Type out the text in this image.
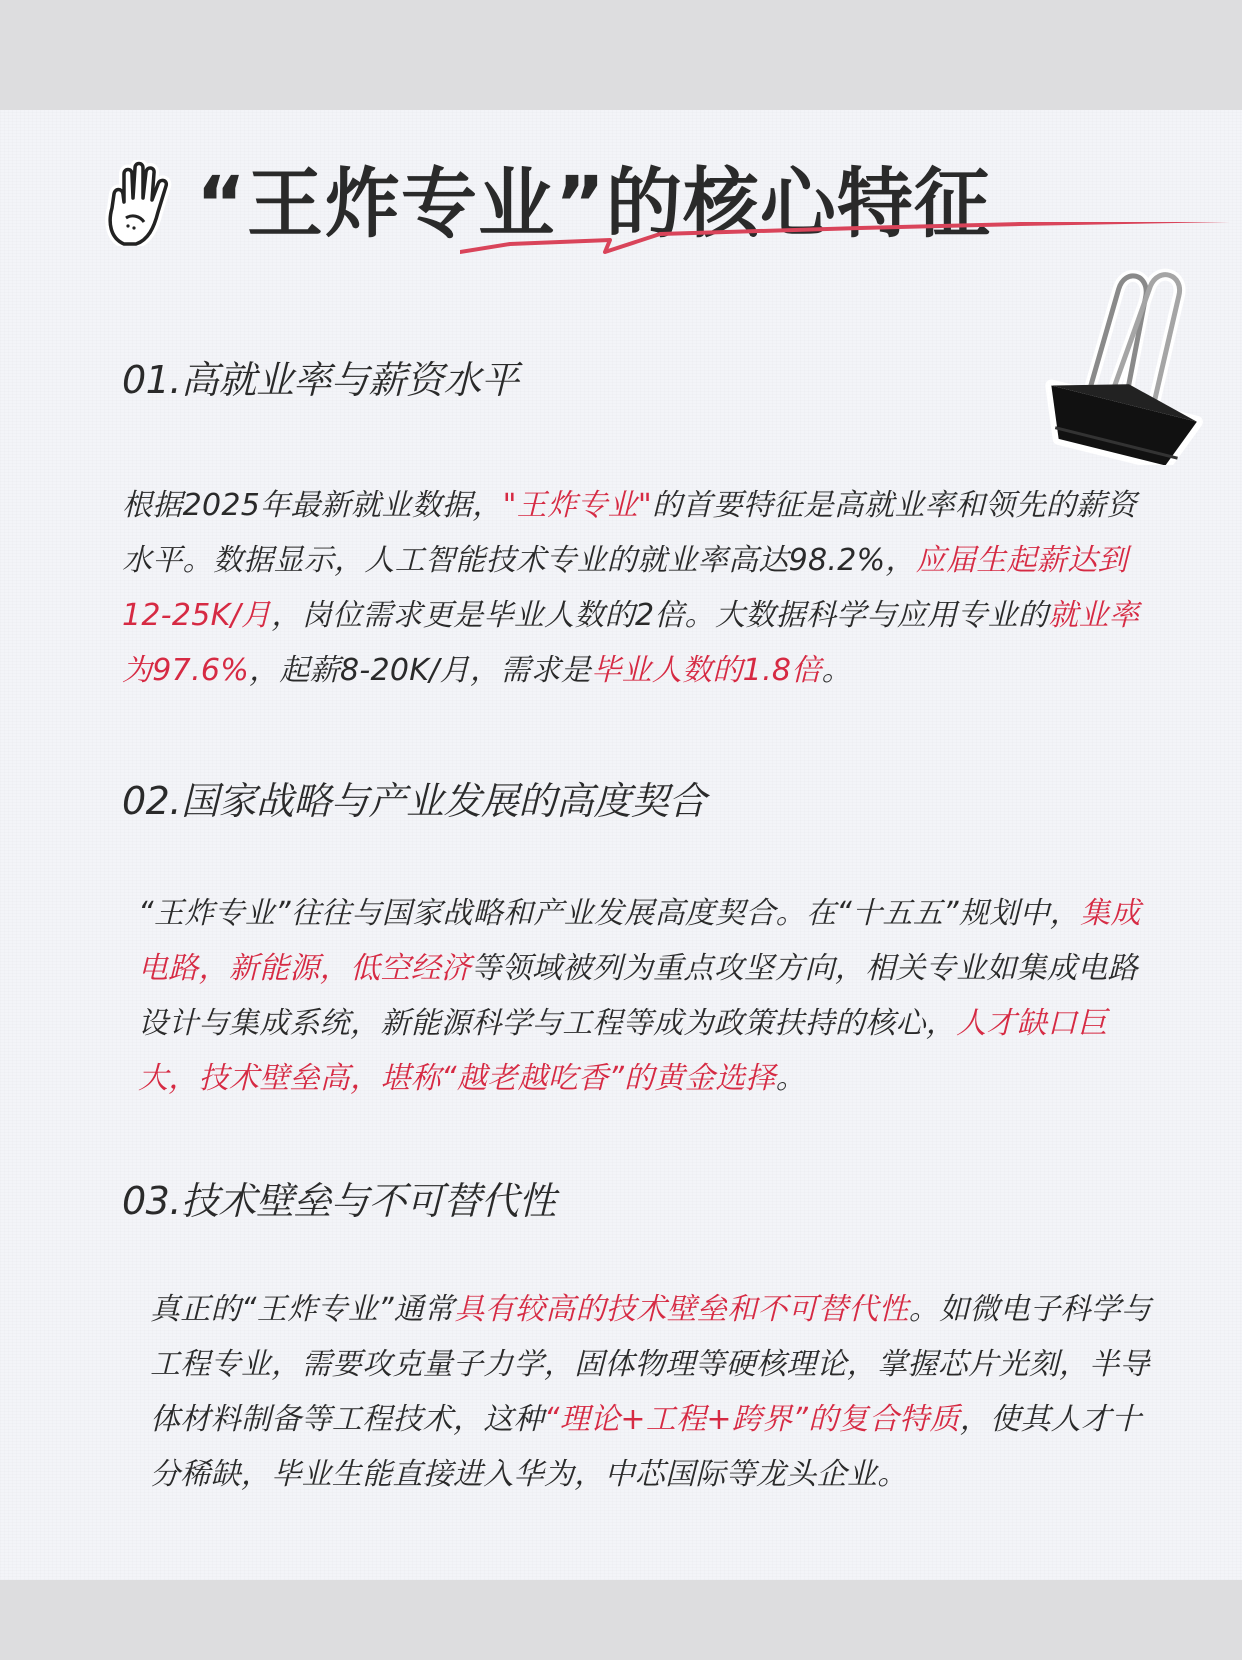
“王炸专业”的核心特征
01.高就业率与薪资水平

根据2025年最新就业数据，"王炸专业"的首要特征是高就业率和领先的薪资水平。数据显示，人工智能技术专业的就业率高达98.2%，应届生起薪达到12-25K/月，岗位需求更是毕业人数的2倍。大数据科学与应用专业的就业率为97.6%，起薪8-20K/月，需求是毕业人数的1.8倍。

02.国家战略与产业发展的高度契合

“王炸专业”往往与国家战略和产业发展高度契合。在“十五五”规划中，集成电路，新能源，低空经济等领域被列为重点攻坚方向，相关专业如集成电路设计与集成系统，新能源科学与工程等成为政策扶持的核心，人才缺口巨大，技术壁垒高，堪称“越老越吃香”的黄金选择。

03.技术壁垒与不可替代性

真正的“王炸专业”通常具有较高的技术壁垒和不可替代性。如微电子科学与工程专业，需要攻克量子力学，固体物理等硬核理论，掌握芯片光刻，半导体材料制备等工程技术，这种“理论+工程+跨界”的复合特质，使其人才十分稀缺，毕业生能直接进入华为，中芯国际等龙头企业。
